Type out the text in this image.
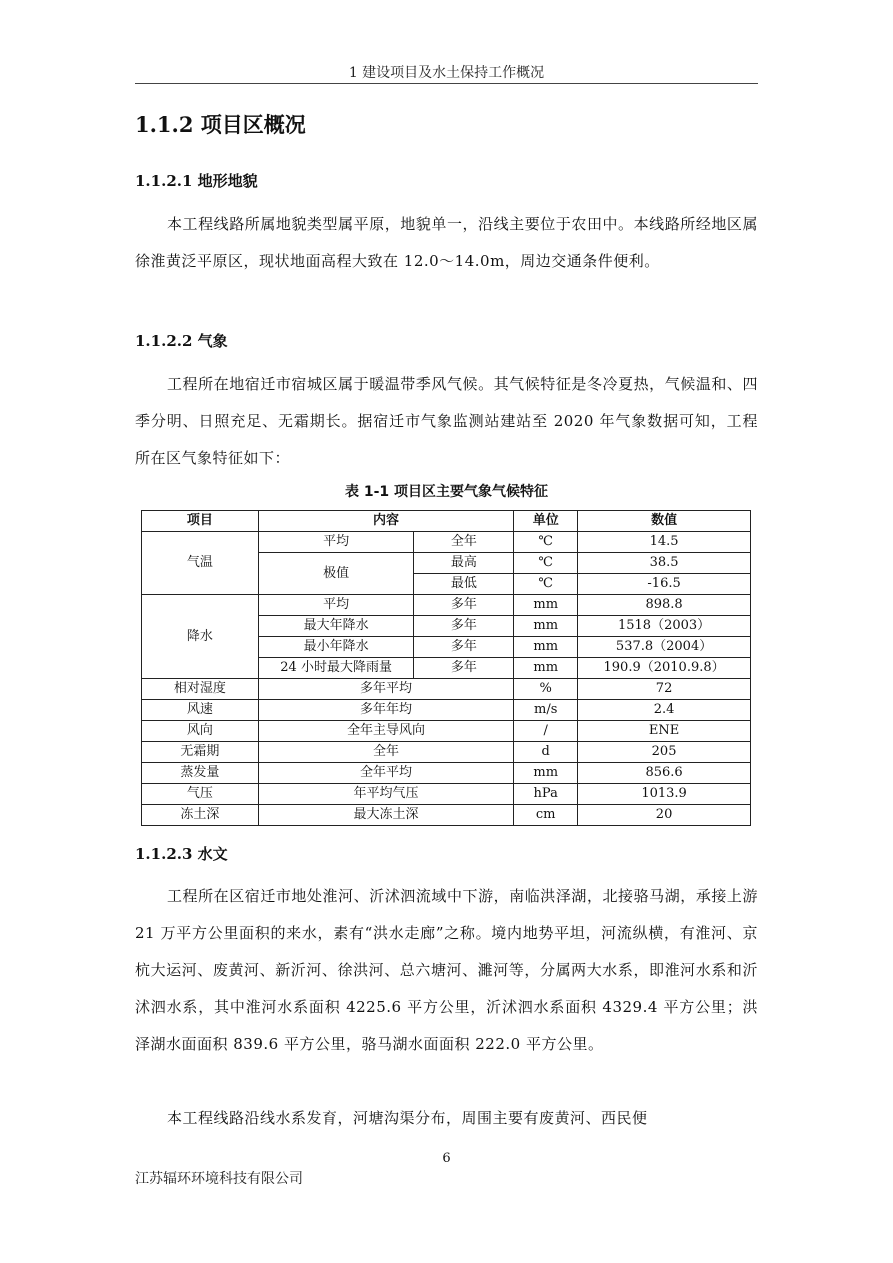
1 建设项目及水土保持工作概况
1.1.2 项目区概况
1.1.2.1 地形地貌

本工程线路所属地貌类型属平原，地貌单一，沿线主要位于农田中。本线路所经地区属徐淮黄泛平原区，现状地面高程大致在 12.0～14.0m，周边交通条件便利。

1.1.2.2 气象

工程所在地宿迁市宿城区属于暖温带季风气候。其气候特征是冬冷夏热，气候温和、四季分明、日照充足、无霜期长。据宿迁市气象监测站建站至 2020 年气象数据可知，工程所在区气象特征如下：

表 1-1 项目区主要气象气候特征
项目	内容		单位	数值
气温	平均	全年	℃	14.5
	极值	最高	℃	38.5
		最低	℃	-16.5
降水	平均	多年	mm	898.8
	最大年降水	多年	mm	1518（2003）
	最小年降水	多年	mm	537.8（2004）
	24 小时最大降雨量	多年	mm	190.9（2010.9.8）
相对湿度	多年平均		%	72
风速	多年年均		m/s	2.4
风向	全年主导风向		/	ENE
无霜期	全年		d	205
蒸发量	全年平均		mm	856.6
气压	年平均气压		hPa	1013.9
冻土深	最大冻土深		cm	20
1.1.2.3 水文

工程所在区宿迁市地处淮河、沂沭泗流域中下游，南临洪泽湖，北接骆马湖，承接上游 21 万平方公里面积的来水，素有“洪水走廊”之称。境内地势平坦，河流纵横，有淮河、京杭大运河、废黄河、新沂河、徐洪河、总六塘河、濉河等，分属两大水系，即淮河水系和沂沭泗水系，其中淮河水系面积 4225.6 平方公里，沂沭泗水系面积 4329.4 平方公里；洪泽湖水面面积 839.6 平方公里，骆马湖水面面积 222.0 平方公里。

本工程线路沿线水系发育，河塘沟渠分布，周围主要有废黄河、西民便

6
江苏辐环环境科技有限公司
